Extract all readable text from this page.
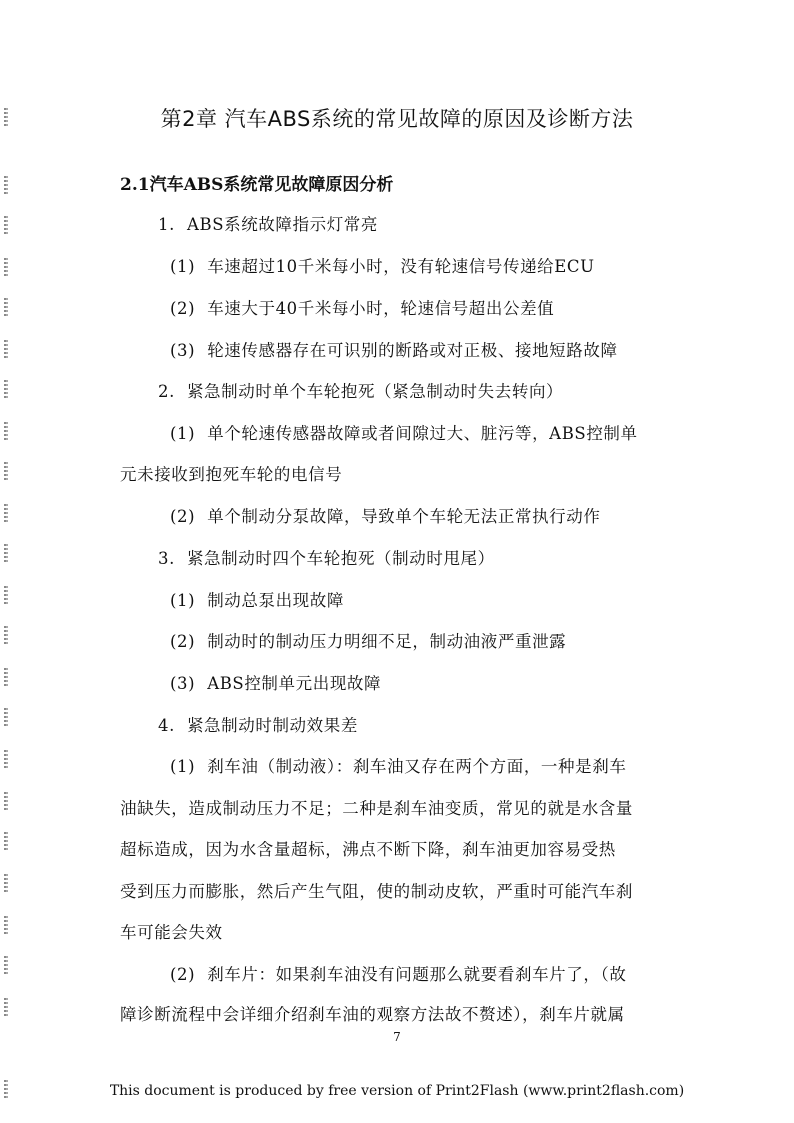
第2章 汽车ABS系统的常见故障的原因及诊断方法
2.1汽车ABS系统常见故障原因分析
1. ABS系统故障指示灯常亮
(1) 车速超过10千米每小时，没有轮速信号传递给ECU
(2) 车速大于40千米每小时，轮速信号超出公差值
(3) 轮速传感器存在可识别的断路或对正极、接地短路故障
2. 紧急制动时单个车轮抱死（紧急制动时失去转向）
(1) 单个轮速传感器故障或者间隙过大、脏污等，ABS控制单
元未接收到抱死车轮的电信号
(2) 单个制动分泵故障，导致单个车轮无法正常执行动作
3. 紧急制动时四个车轮抱死（制动时甩尾）
(1) 制动总泵出现故障
(2) 制动时的制动压力明细不足，制动油液严重泄露
(3) ABS控制单元出现故障
4. 紧急制动时制动效果差
(1) 刹车油（制动液）：刹车油又存在两个方面，一种是刹车
油缺失，造成制动压力不足；二种是刹车油变质，常见的就是水含量
超标造成，因为水含量超标，沸点不断下降，刹车油更加容易受热
受到压力而膨胀，然后产生气阻，使的制动皮软，严重时可能汽车刹
车可能会失效
(2) 刹车片：如果刹车油没有问题那么就要看刹车片了，（故
障诊断流程中会详细介绍刹车油的观察方法故不赘述），刹车片就属
7
This document is produced by free version of Print2Flash (www.print2flash.com)
